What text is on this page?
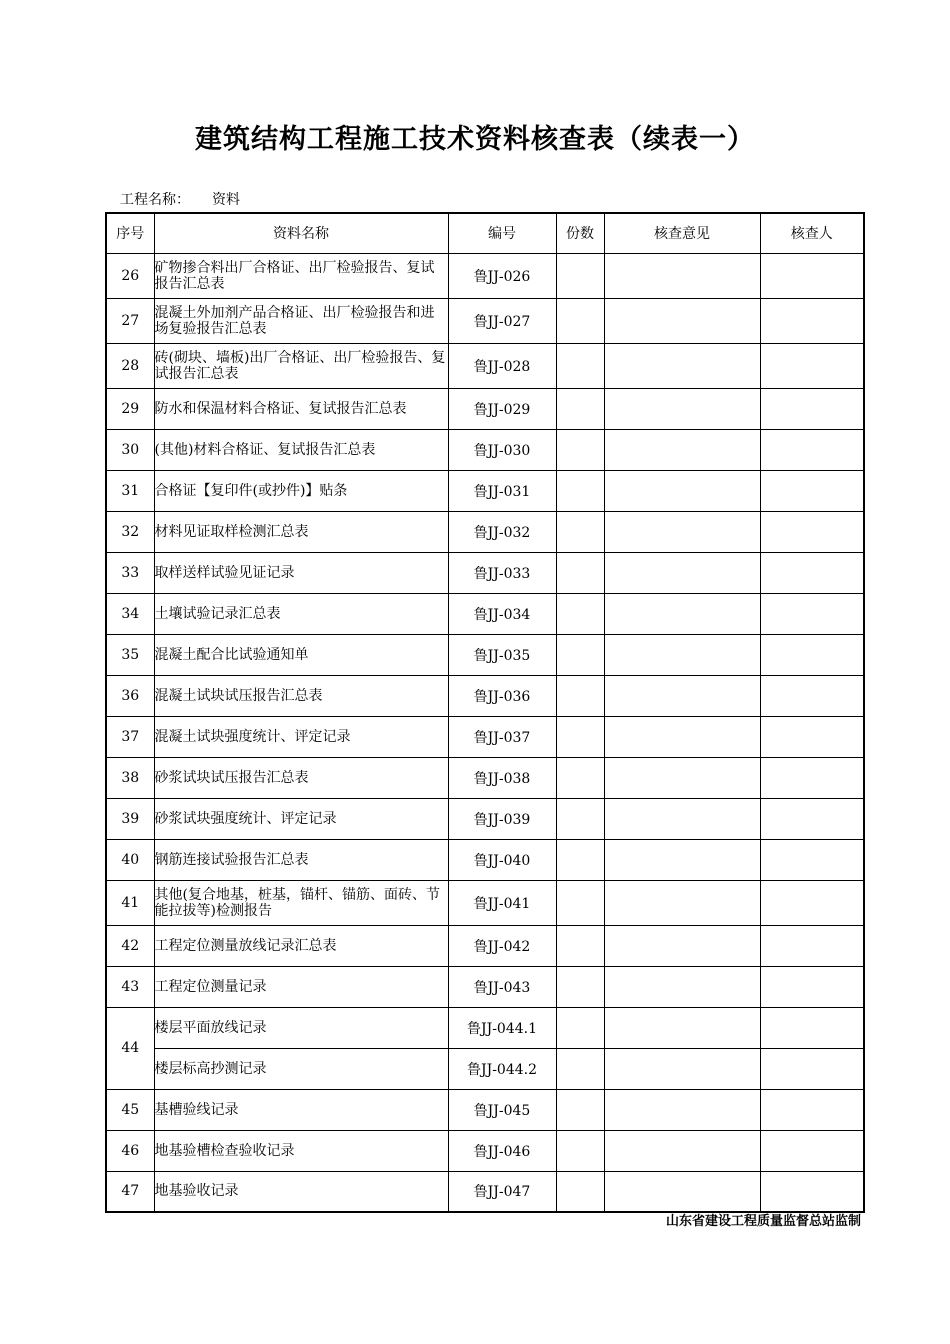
建筑结构工程施工技术资料核查表（续表一）
工程名称： 资料
序号	资料名称	编号	份数	核查意见	核查人
26	矿物掺合料出厂合格证、出厂检验报告、复试报告汇总表	鲁JJ-026			
27	混凝土外加剂产品合格证、出厂检验报告和进场复验报告汇总表	鲁JJ-027			
28	砖(砌块、墙板)出厂合格证、出厂检验报告、复试报告汇总表	鲁JJ-028			
29	防水和保温材料合格证、复试报告汇总表	鲁JJ-029			
30	(其他)材料合格证、复试报告汇总表	鲁JJ-030			
31	合格证【复印件(或抄件)】贴条	鲁JJ-031			
32	材料见证取样检测汇总表	鲁JJ-032			
33	取样送样试验见证记录	鲁JJ-033			
34	土壤试验记录汇总表	鲁JJ-034			
35	混凝土配合比试验通知单	鲁JJ-035			
36	混凝土试块试压报告汇总表	鲁JJ-036			
37	混凝土试块强度统计、评定记录	鲁JJ-037			
38	砂浆试块试压报告汇总表	鲁JJ-038			
39	砂浆试块强度统计、评定记录	鲁JJ-039			
40	钢筋连接试验报告汇总表	鲁JJ-040			
41	其他(复合地基，桩基，锚杆、锚筋、面砖、节能拉拔等)检测报告	鲁JJ-041			
42	工程定位测量放线记录汇总表	鲁JJ-042			
43	工程定位测量记录	鲁JJ-043			
44	楼层平面放线记录	鲁JJ-044.1			
	楼层标高抄测记录	鲁JJ-044.2			
45	基槽验线记录	鲁JJ-045			
46	地基验槽检查验收记录	鲁JJ-046			
47	地基验收记录	鲁JJ-047			
山东省建设工程质量监督总站监制
